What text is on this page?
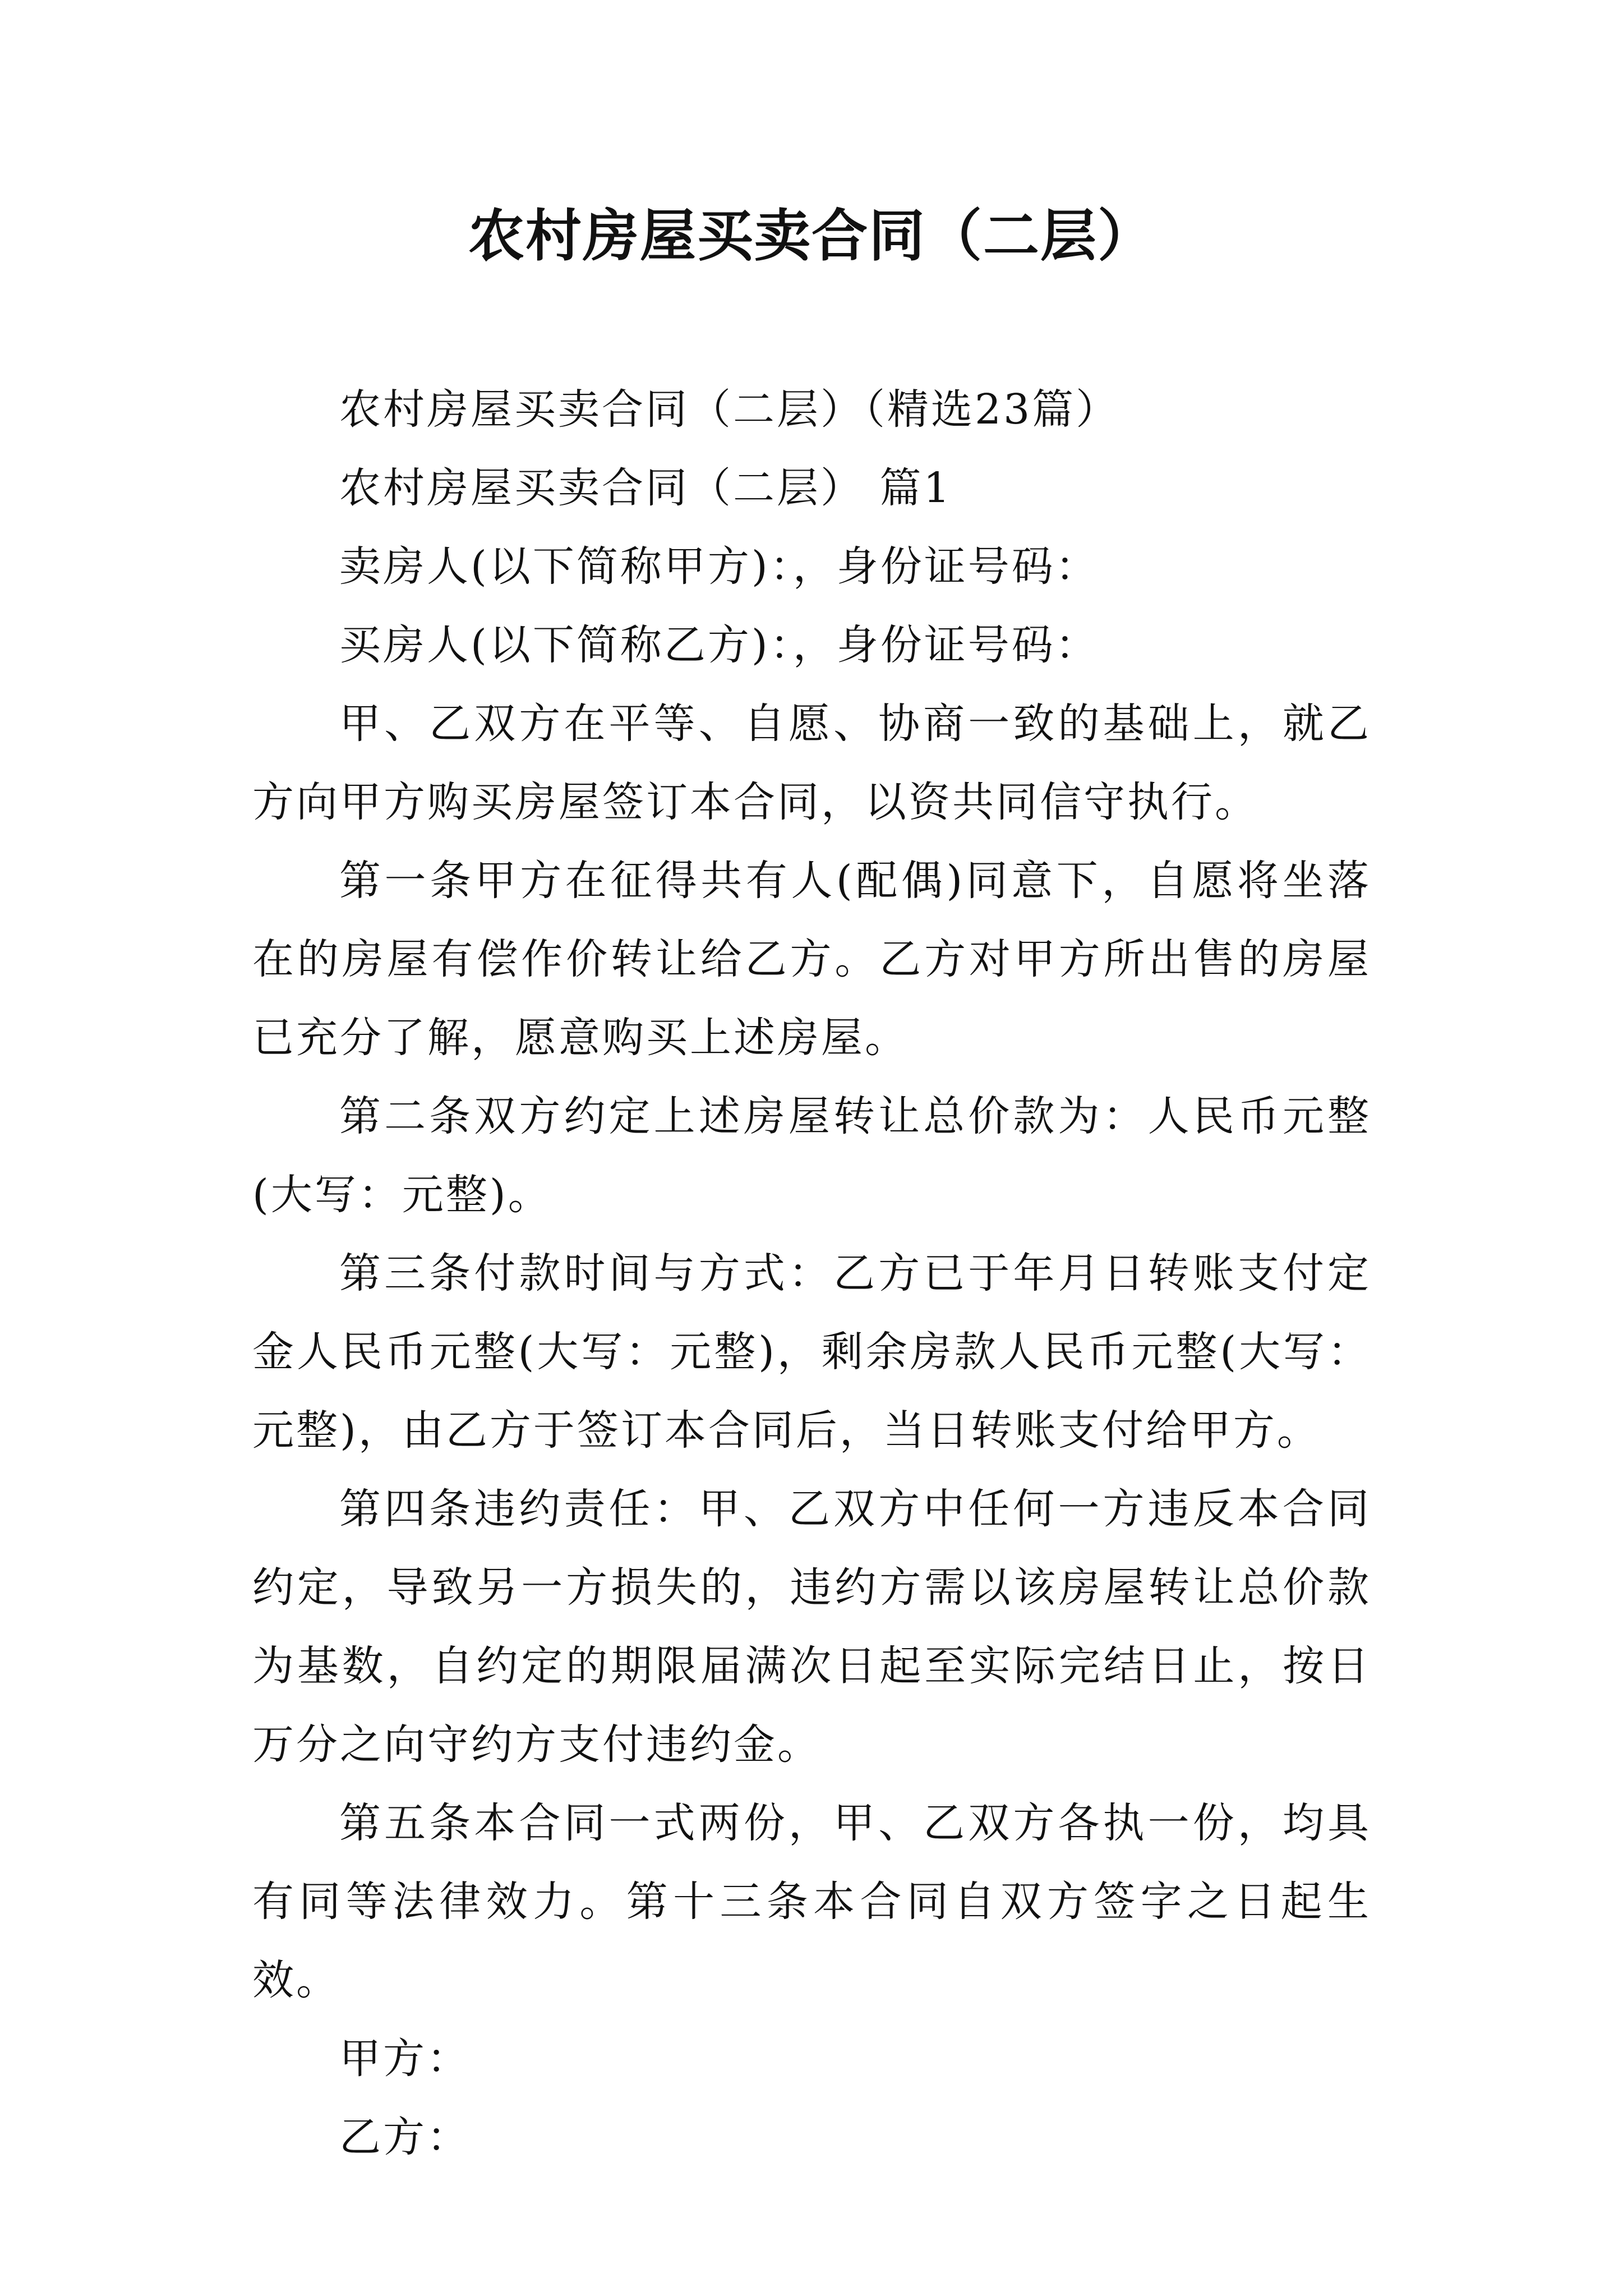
农村房屋买卖合同（二层）

农村房屋买卖合同（二层）（精选23篇）

农村房屋买卖合同（二层） 篇1

卖房人(以下简称甲方)：，身份证号码：

买房人(以下简称乙方)：，身份证号码：

甲、乙双方在平等、自愿、协商一致的基础上，就乙方向甲方购买房屋签订本合同，以资共同信守执行。

第一条甲方在征得共有人(配偶)同意下，自愿将坐落在的房屋有偿作价转让给乙方。乙方对甲方所出售的房屋已充分了解，愿意购买上述房屋。

第二条双方约定上述房屋转让总价款为：人民币元整(大写：元整)。

第三条付款时间与方式：乙方已于年月日转账支付定金人民币元整(大写：元整)，剩余房款人民币元整(大写：元整)，由乙方于签订本合同后，当日转账支付给甲方。

第四条违约责任：甲、乙双方中任何一方违反本合同约定，导致另一方损失的，违约方需以该房屋转让总价款为基数，自约定的期限届满次日起至实际完结日止，按日万分之向守约方支付违约金。

第五条本合同一式两份，甲、乙双方各执一份，均具有同等法律效力。第十三条本合同自双方签字之日起生效。

甲方：

乙方：
